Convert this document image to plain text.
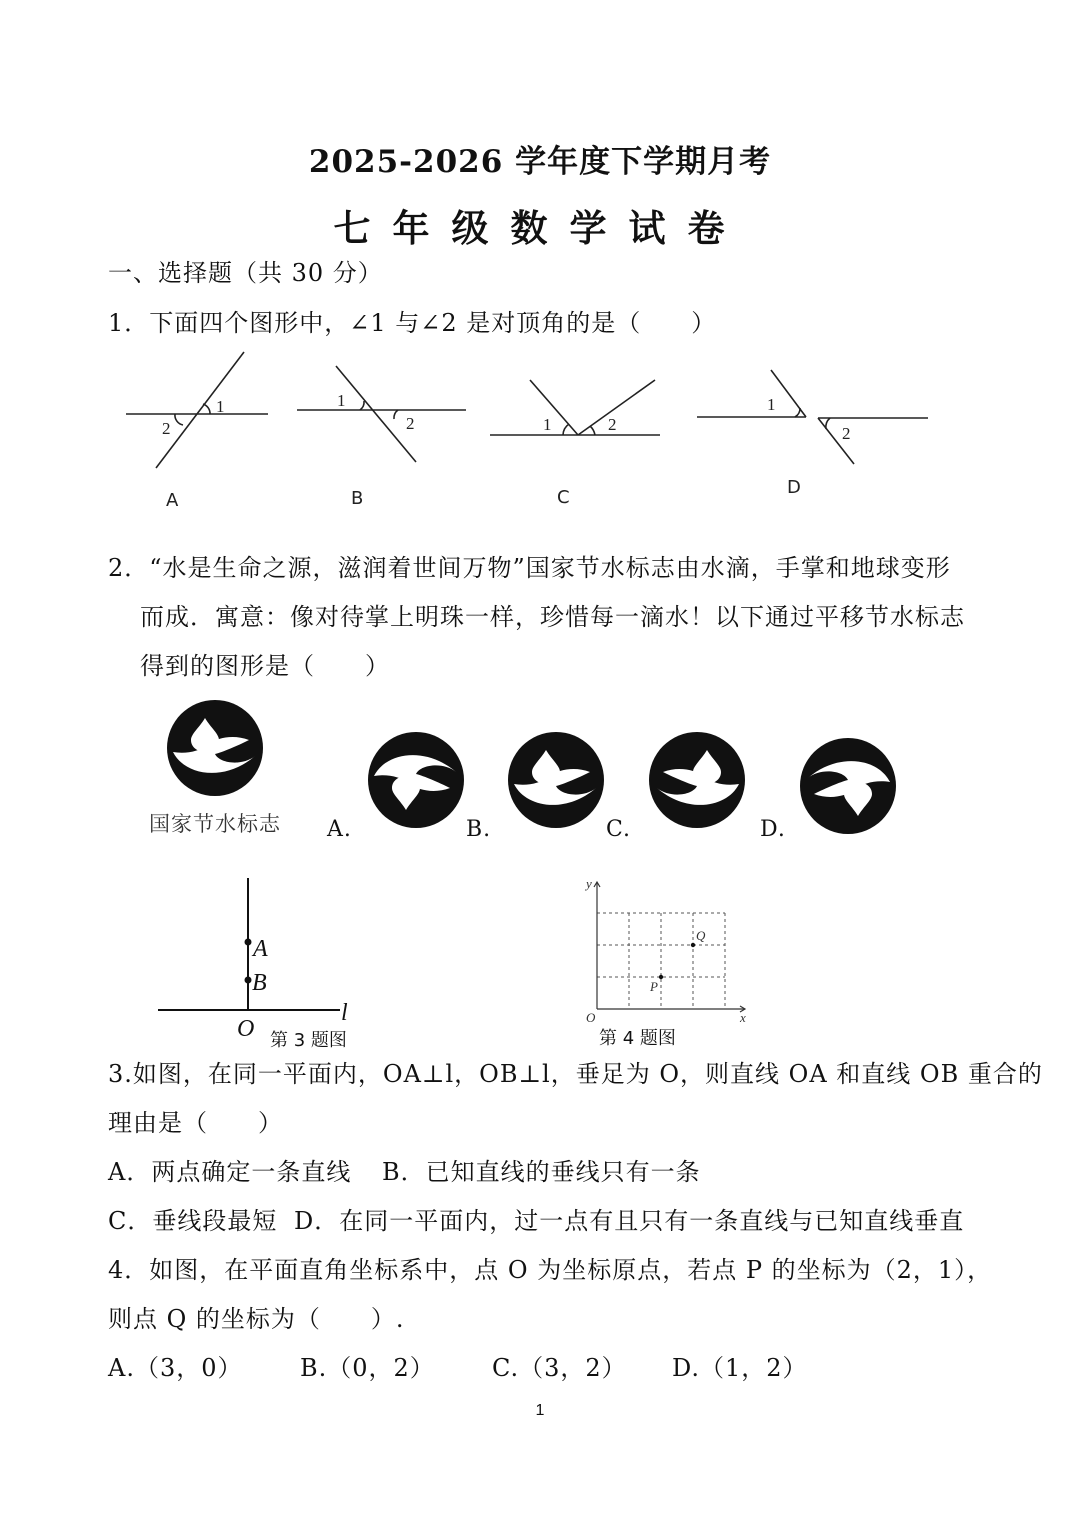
2025-2026 学年度下学期月考
七年级数学试卷
一、选择题（共 30 分）
1．下面四个图形中，∠1 与∠2 是对顶角的是（　　）
1
2
1
2	1	2
1
2
A	B	C	D
2．“水是生命之源，滋润着世间万物”国家节水标志由水滴，手掌和地球变形
而成．寓意：像对待掌上明珠一样，珍惜每一滴水！以下通过平移节水标志
得到的图形是（　　）
国家节水标志 A.	B.	C.	D.
A
B
O
l
第 3 题图
y
x
O
P
Q
第 4 题图
3.如图，在同一平面内，OA⊥l，OB⊥l，垂足为 O，则直线 OA 和直线 OB 重合的
理由是（　　）
A．两点确定一条直线 B．已知直线的垂线只有一条
C．垂线段最短 D．在同一平面内，过一点有且只有一条直线与已知直线垂直
4．如图，在平面直角坐标系中，点 O 为坐标原点，若点 P 的坐标为（2，1），
则点 Q 的坐标为（　　）.
A.（3，0） B.（0，2） C.（3，2） D.（1，2）
1
